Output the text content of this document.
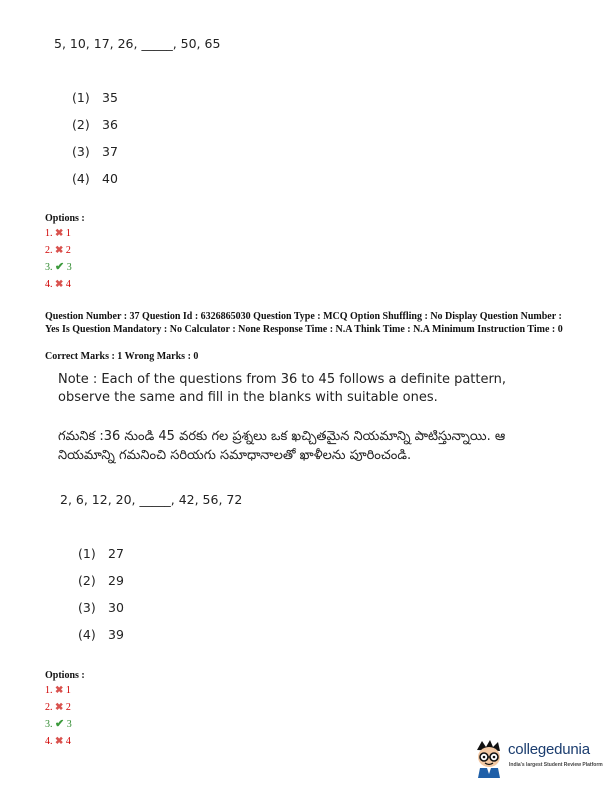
5, 10, 17, 26, _____, 50, 65
(1) 35
(2) 36
(3) 37
(4) 40
Options :
1. ✖ 1
2. ✖ 2
3. ✔ 3
4. ✖ 4
Question Number : 37 Question Id : 6326865030 Question Type : MCQ Option Shuffling : No Display Question Number : Yes Is Question Mandatory : No Calculator : None Response Time : N.A Think Time : N.A Minimum Instruction Time : 0
Correct Marks : 1 Wrong Marks : 0
Note : Each of the questions from 36 to 45 follows a definite pattern, observe the same and fill in the blanks with suitable ones.
గమనిక :36 నుండి 45 వరకు గల ప్రశ్నలు ఒక ఖచ్చితమైన నియమాన్ని పాటిస్తున్నాయి. ఆ నియమాన్ని గమనించి సరియగు సమాధానాలతో ఖాళీలను పూరించండి.
2, 6, 12, 20, _____, 42, 56, 72
(1) 27
(2) 29
(3) 30
(4) 39
Options :
1. ✖ 1
2. ✖ 2
3. ✔ 3
4. ✖ 4	collegedunia
India's largest Student Review Platform
